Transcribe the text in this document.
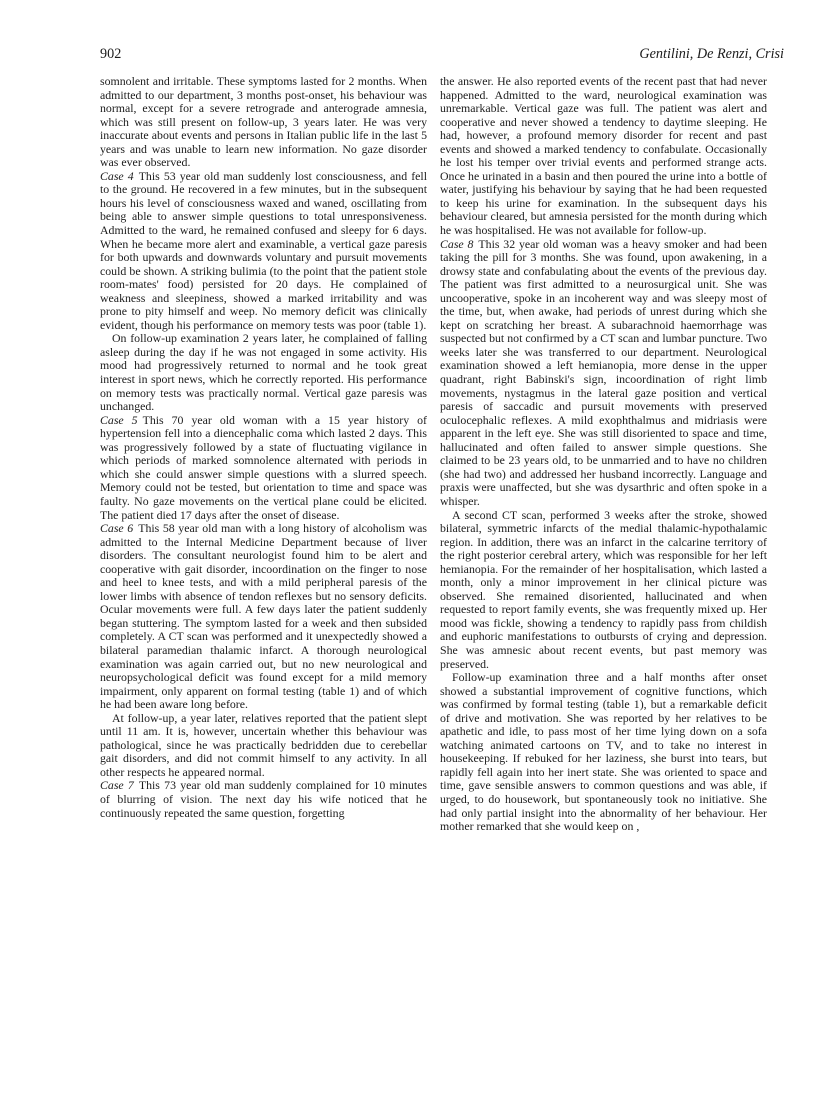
902	Gentilini, De Renzi, Crisi

somnolent and irritable. These symptoms lasted for 2 months. When admitted to our department, 3 months post-onset, his behaviour was normal, except for a severe retrograde and anterograde amnesia, which was still present on follow-up, 3 years later. He was very inaccurate about events and persons in Italian public life in the last 5 years and was unable to learn new information. No gaze disorder was ever observed.

Case 4 This 53 year old man suddenly lost consciousness, and fell to the ground. He recovered in a few minutes, but in the subsequent hours his level of consciousness waxed and waned, oscillating from being able to answer simple questions to total unresponsiveness. Admitted to the ward, he remained confused and sleepy for 6 days. When he became more alert and examinable, a vertical gaze paresis for both upwards and downwards voluntary and pursuit movements could be shown. A striking bulimia (to the point that the patient stole room-mates' food) persisted for 20 days. He complained of weakness and sleepiness, showed a marked irritability and was prone to pity himself and weep. No memory deficit was clinically evident, though his performance on memory tests was poor (table 1).

On follow-up examination 2 years later, he complained of falling asleep during the day if he was not engaged in some activity. His mood had progressively returned to normal and he took great interest in sport news, which he correctly reported. His performance on memory tests was practically normal. Vertical gaze paresis was unchanged.

Case 5 This 70 year old woman with a 15 year history of hypertension fell into a diencephalic coma which lasted 2 days. This was progressively followed by a state of fluctuating vigilance in which periods of marked somnolence alternated with periods in which she could answer simple questions with a slurred speech. Memory could not be tested, but orientation to time and space was faulty. No gaze movements on the vertical plane could be elicited. The patient died 17 days after the onset of disease.

Case 6 This 58 year old man with a long history of alcoholism was admitted to the Internal Medicine Department because of liver disorders. The consultant neurologist found him to be alert and cooperative with gait disorder, incoordination on the finger to nose and heel to knee tests, and with a mild peripheral paresis of the lower limbs with absence of tendon reflexes but no sensory deficits. Ocular movements were full. A few days later the patient suddenly began stuttering. The symptom lasted for a week and then subsided completely. A CT scan was performed and it unexpectedly showed a bilateral paramedian thalamic infarct. A thorough neurological examination was again carried out, but no new neurological and neuropsychological deficit was found except for a mild memory impairment, only apparent on formal testing (table 1) and of which he had been aware long before.

At follow-up, a year later, relatives reported that the patient slept until 11 am. It is, however, uncertain whether this behaviour was pathological, since he was practically bedridden due to cerebellar gait disorders, and did not commit himself to any activity. In all other respects he appeared normal.

Case 7 This 73 year old man suddenly complained for 10 minutes of blurring of vision. The next day his wife noticed that he continuously repeated the same question, forgetting

the answer. He also reported events of the recent past that had never happened. Admitted to the ward, neurological examination was unremarkable. Vertical gaze was full. The patient was alert and cooperative and never showed a tendency to daytime sleeping. He had, however, a profound memory disorder for recent and past events and showed a marked tendency to confabulate. Occasionally he lost his temper over trivial events and performed strange acts. Once he urinated in a basin and then poured the urine into a bottle of water, justifying his behaviour by saying that he had been requested to keep his urine for examination. In the subsequent days his behaviour cleared, but amnesia persisted for the month during which he was hospitalised. He was not available for follow-up.

Case 8 This 32 year old woman was a heavy smoker and had been taking the pill for 3 months. She was found, upon awakening, in a drowsy state and confabulating about the events of the previous day. The patient was first admitted to a neurosurgical unit. She was uncooperative, spoke in an incoherent way and was sleepy most of the time, but, when awake, had periods of unrest during which she kept on scratching her breast. A subarachnoid haemorrhage was suspected but not confirmed by a CT scan and lumbar puncture. Two weeks later she was transferred to our department. Neurological examination showed a left hemianopia, more dense in the upper quadrant, right Babinski's sign, incoordination of right limb movements, nystagmus in the lateral gaze position and vertical paresis of saccadic and pursuit movements with preserved oculocephalic reflexes. A mild exophthalmus and midriasis were apparent in the left eye. She was still disoriented to space and time, hallucinated and often failed to answer simple questions. She claimed to be 23 years old, to be unmarried and to have no children (she had two) and addressed her husband incorrectly. Language and praxis were unaffected, but she was dysarthric and often spoke in a whisper.

A second CT scan, performed 3 weeks after the stroke, showed bilateral, symmetric infarcts of the medial thalamic-hypothalamic region. In addition, there was an infarct in the calcarine territory of the right posterior cerebral artery, which was responsible for her left hemianopia. For the remainder of her hospitalisation, which lasted a month, only a minor improvement in her clinical picture was observed. She remained disoriented, hallucinated and when requested to report family events, she was frequently mixed up. Her mood was fickle, showing a tendency to rapidly pass from childish and euphoric manifestations to outbursts of crying and depression. She was amnesic about recent events, but past memory was preserved.

Follow-up examination three and a half months after onset showed a substantial improvement of cognitive functions, which was confirmed by formal testing (table 1), but a remarkable deficit of drive and motivation. She was reported by her relatives to be apathetic and idle, to pass most of her time lying down on a sofa watching animated cartoons on TV, and to take no interest in housekeeping. If rebuked for her laziness, she burst into tears, but rapidly fell again into her inert state. She was oriented to space and time, gave sensible answers to common questions and was able, if urged, to do housework, but spontaneously took no initiative. She had only partial insight into the abnormality of her behaviour. Her mother remarked that she would keep on ,
